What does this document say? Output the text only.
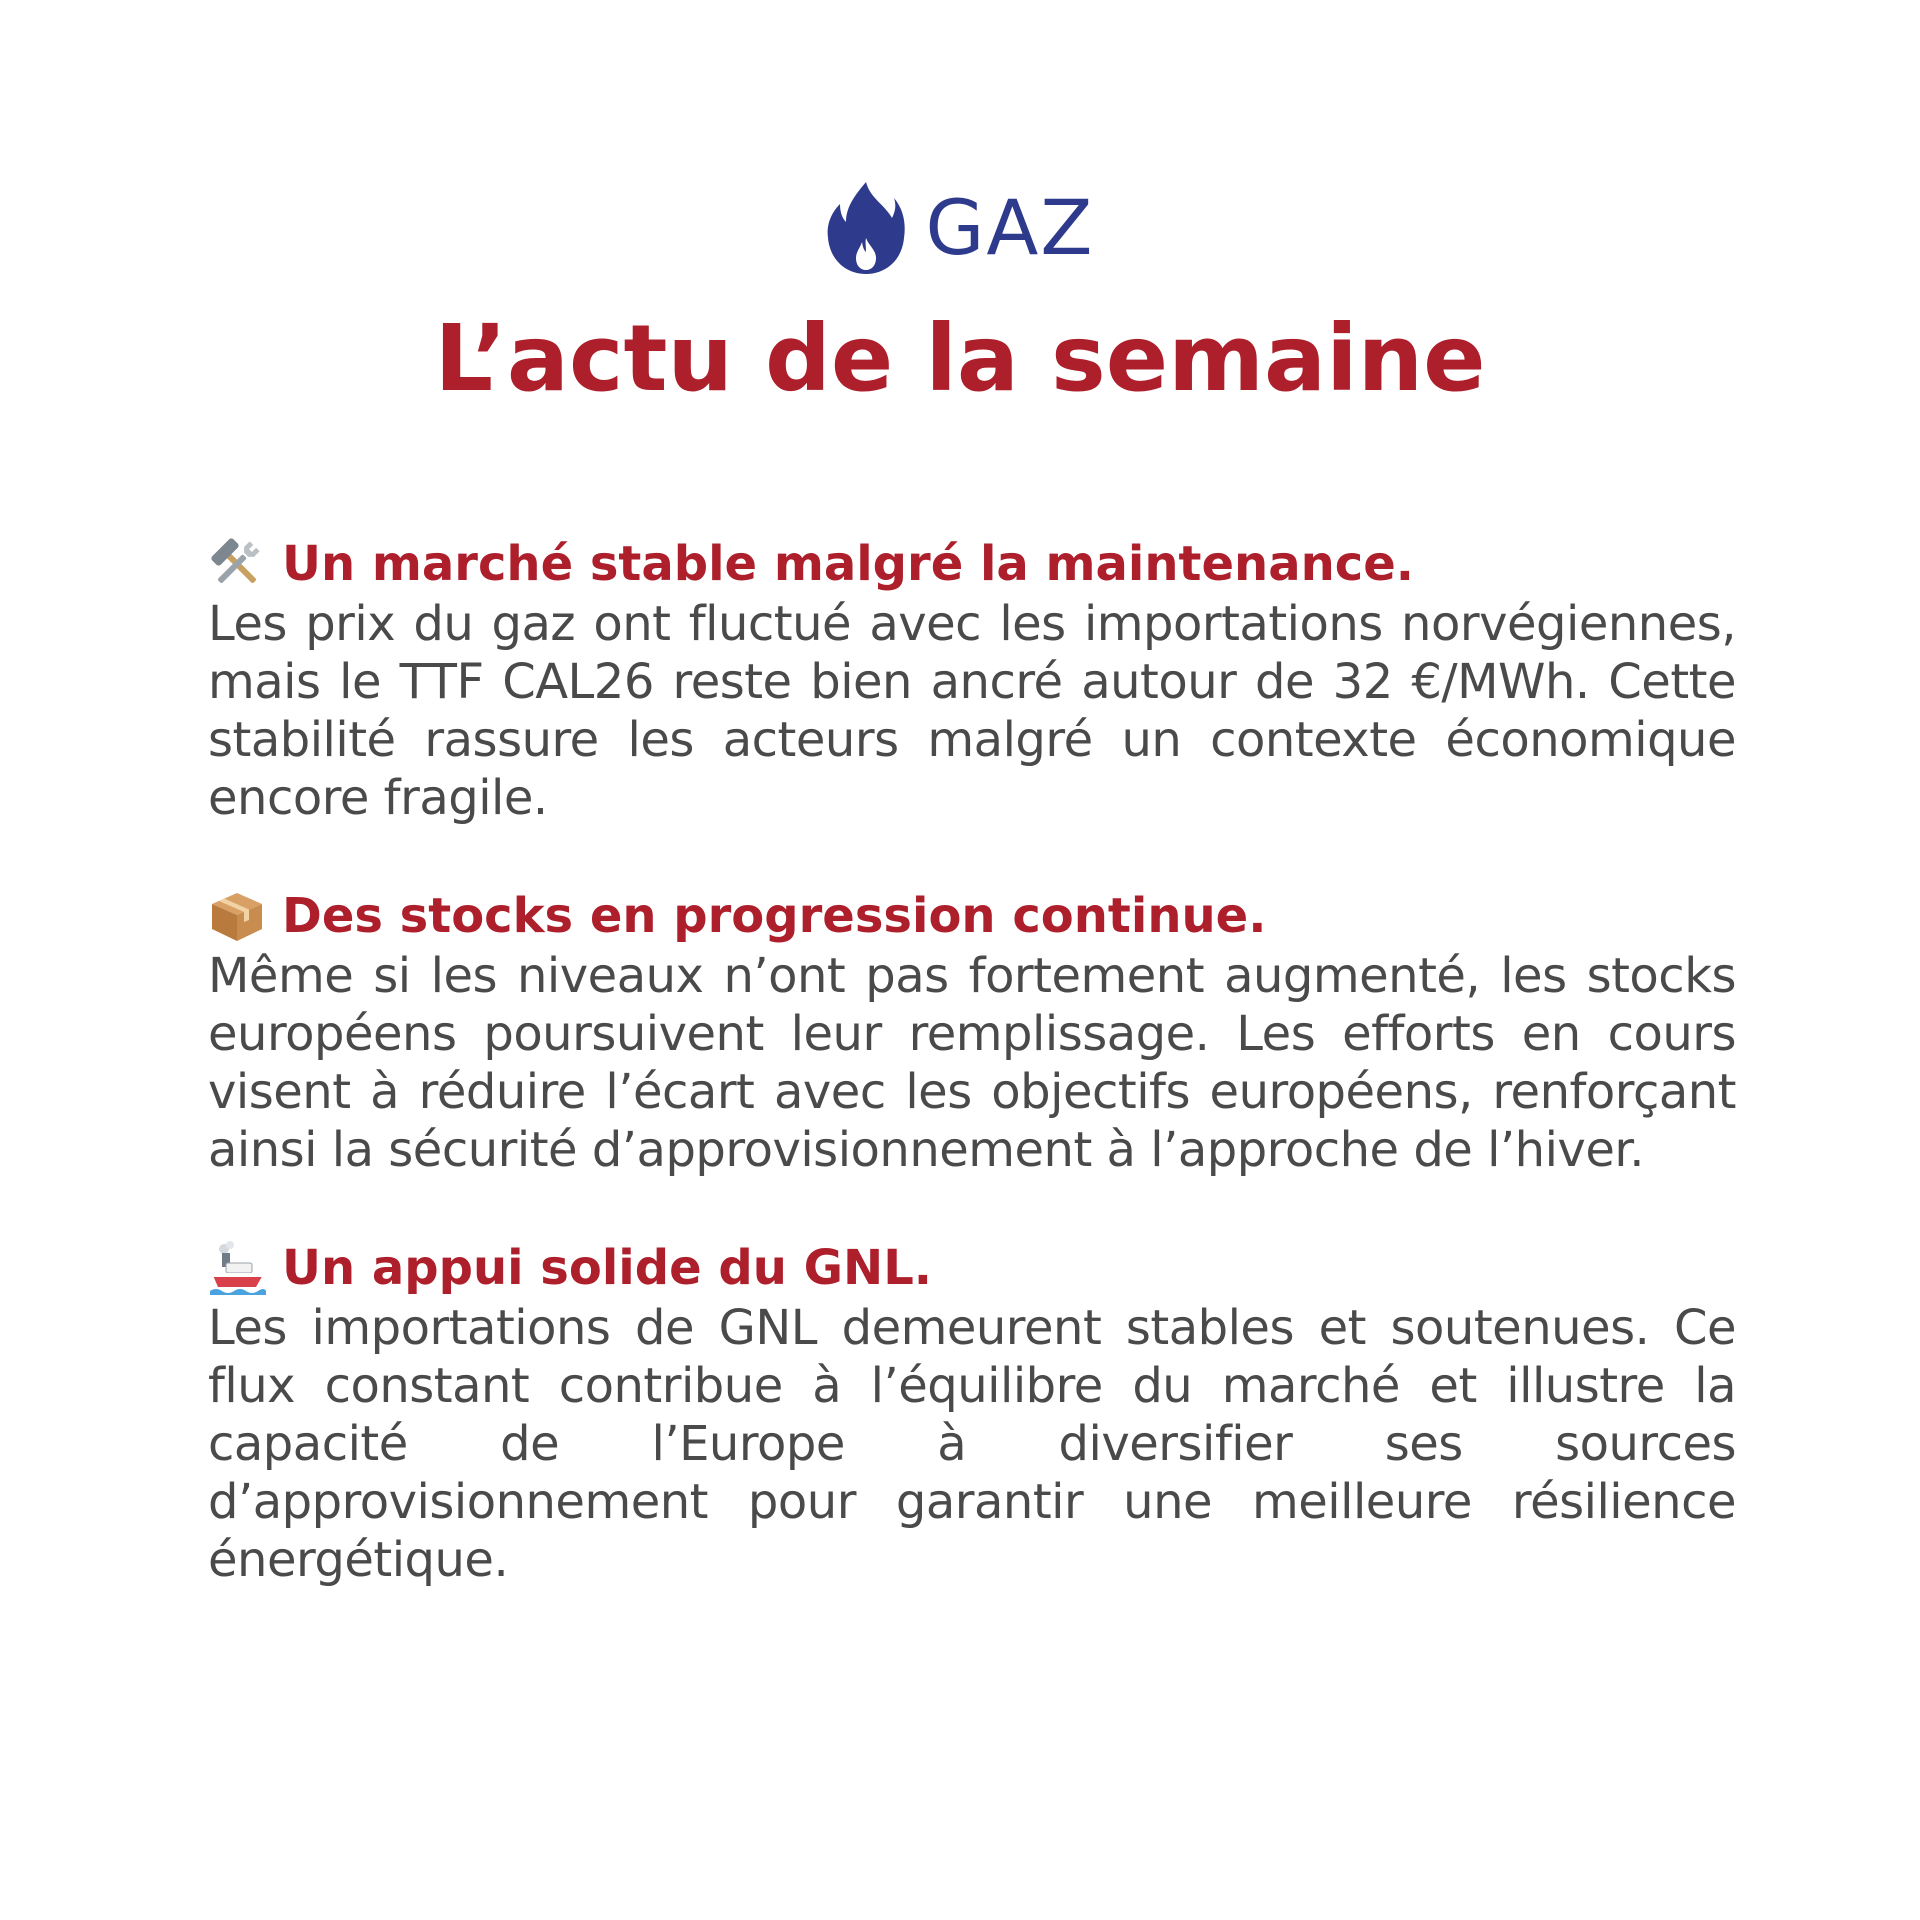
GAZ
L’actu de la semaine
Un marché stable malgré la maintenance.

Les prix du gaz ont fluctué avec les importations norvégiennes, mais le TTF CAL26 reste bien ancré autour de 32 €/MWh. Cette stabilité rassure les acteurs malgré un contexte économique encore fragile.

Des stocks en progression continue.

Même si les niveaux n’ont pas fortement augmenté, les stocks européens poursuivent leur remplissage. Les efforts en cours visent à réduire l’écart avec les objectifs européens, renforçant ainsi la sécurité d’approvisionnement à l’approche de l’hiver.

Un appui solide du GNL.

Les importations de GNL demeurent stables et soutenues. Ce flux constant contribue à l’équilibre du marché et illustre la capacité de l’Europe à diversifier ses sources d’approvisionnement pour garantir une meilleure résilience énergétique.
